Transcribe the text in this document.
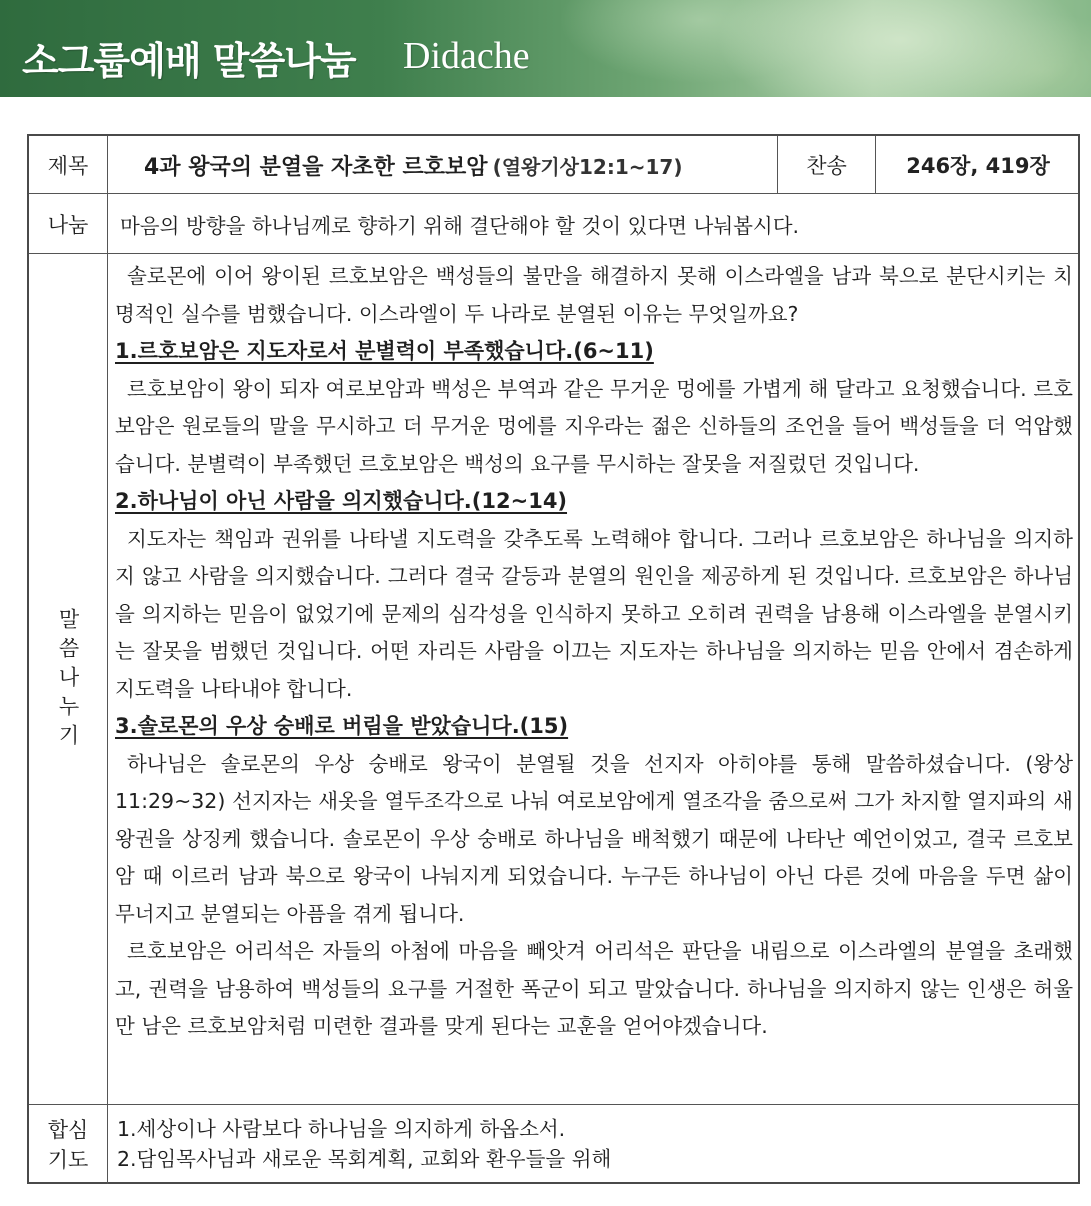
소그룹예배 말씀나눔 Didache
제목	4과 왕국의 분열을 자초한 르호보암 (열왕기상12:1~17)	찬송	246장, 419장
나눔	마음의 방향을 하나님께로 향하기 위해 결단해야 할 것이 있다면 나눠봅시다.
말씀나누기

솔로몬에 이어 왕이된 르호보암은 백성들의 불만을 해결하지 못해 이스라엘을 남과 북으로 분단시키는 치명적인 실수를 범했습니다. 이스라엘이 두 나라로 분열된 이유는 무엇일까요?

1.르호보암은 지도자로서 분별력이 부족했습니다.(6~11)

르호보암이 왕이 되자 여로보암과 백성은 부역과 같은 무거운 멍에를 가볍게 해 달라고 요청했습니다. 르호보암은 원로들의 말을 무시하고 더 무거운 멍에를 지우라는 젊은 신하들의 조언을 들어 백성들을 더 억압했습니다. 분별력이 부족했던 르호보암은 백성의 요구를 무시하는 잘못을 저질렀던 것입니다.

2.하나님이 아닌 사람을 의지했습니다.(12~14)

지도자는 책임과 권위를 나타낼 지도력을 갖추도록 노력해야 합니다. 그러나 르호보암은 하나님을 의지하지 않고 사람을 의지했습니다. 그러다 결국 갈등과 분열의 원인을 제공하게 된 것입니다. 르호보암은 하나님을 의지하는 믿음이 없었기에 문제의 심각성을 인식하지 못하고 오히려 권력을 남용해 이스라엘을 분열시키는 잘못을 범했던 것입니다. 어떤 자리든 사람을 이끄는 지도자는 하나님을 의지하는 믿음 안에서 겸손하게 지도력을 나타내야 합니다.

3.솔로몬의 우상 숭배로 버림을 받았습니다.(15)

하나님은 솔로몬의 우상 숭배로 왕국이 분열될 것을 선지자 아히야를 통해 말씀하셨습니다. (왕상11:29~32) 선지자는 새옷을 열두조각으로 나눠 여로보암에게 열조각을 줌으로써 그가 차지할 열지파의 새 왕권을 상징케 했습니다. 솔로몬이 우상 숭배로 하나님을 배척했기 때문에 나타난 예언이었고, 결국 르호보암 때 이르러 남과 북으로 왕국이 나눠지게 되었습니다. 누구든 하나님이 아닌 다른 것에 마음을 두면 삶이 무너지고 분열되는 아픔을 겪게 됩니다.

르호보암은 어리석은 자들의 아첨에 마음을 빼앗겨 어리석은 판단을 내림으로 이스라엘의 분열을 초래했고, 권력을 남용하여 백성들의 요구를 거절한 폭군이 되고 말았습니다. 하나님을 의지하지 않는 인생은 허울만 남은 르호보암처럼 미련한 결과를 맞게 된다는 교훈을 얻어야겠습니다.

합심
기도
1.세상이나 사람보다 하나님을 의지하게 하옵소서.
2.담임목사님과 새로운 목회계획, 교회와 환우들을 위해
